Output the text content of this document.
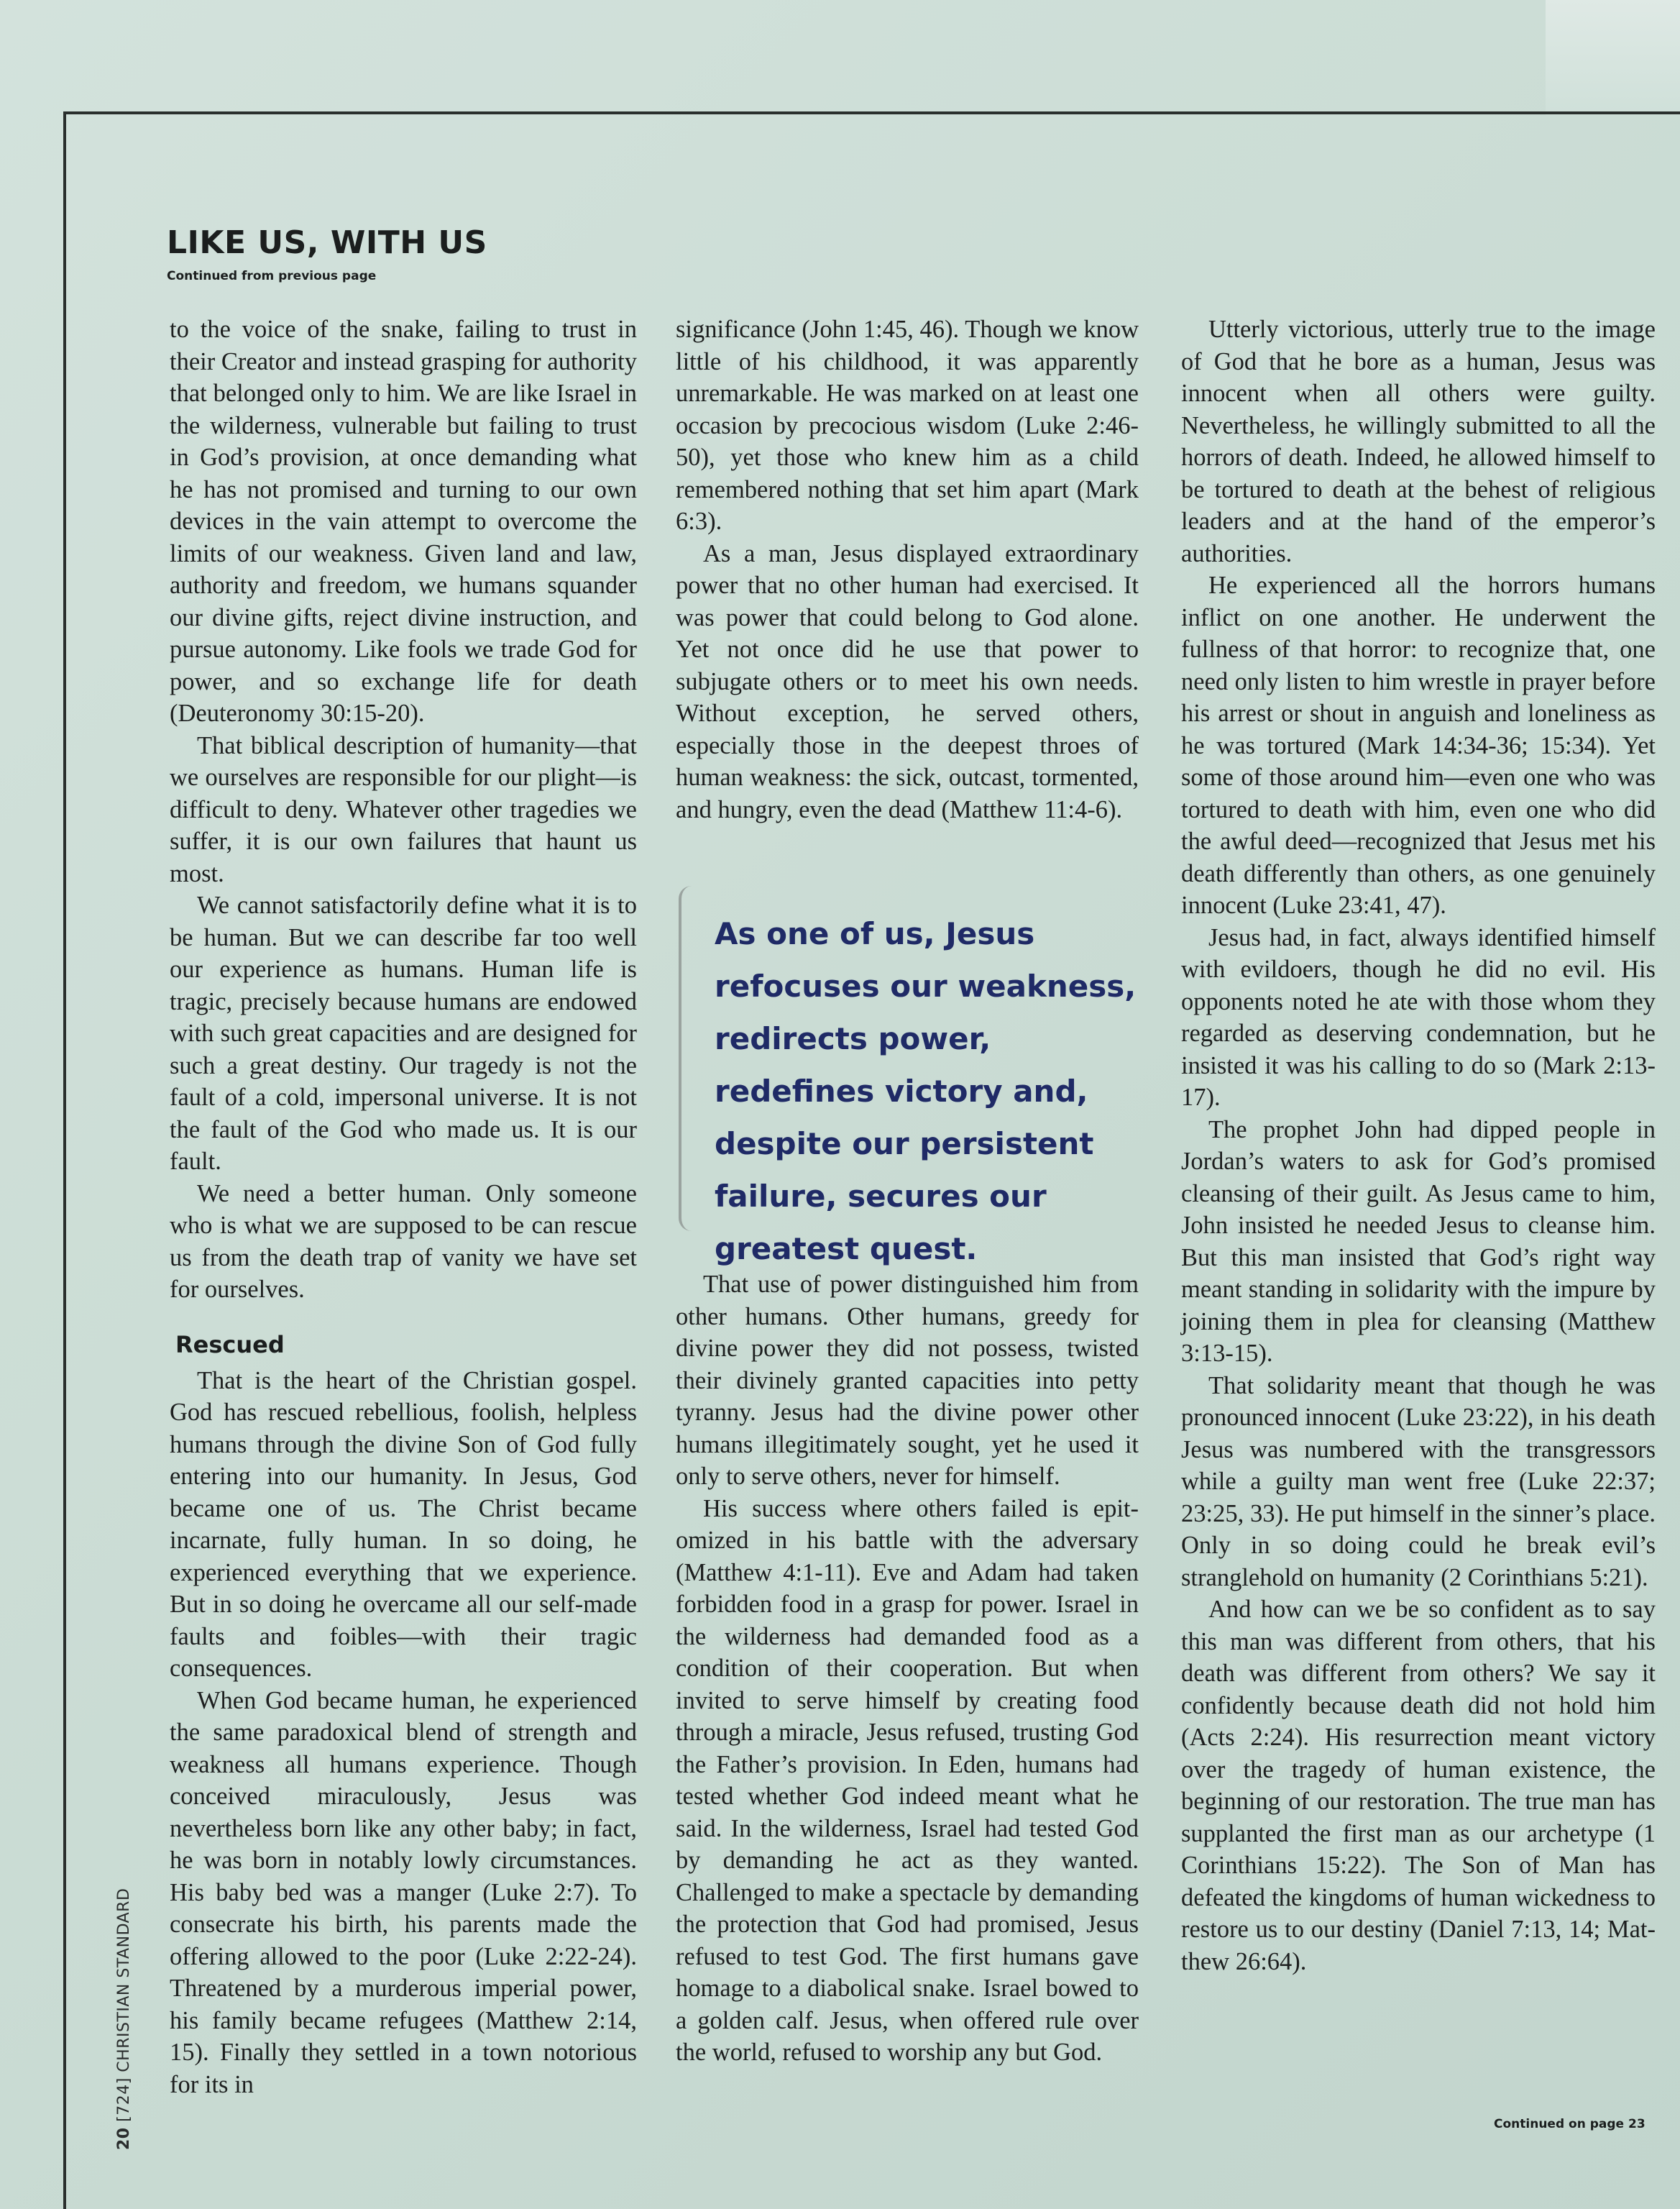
LIKE US, WITH US
Continued from previous page

to the voice of the snake, failing to trust in their Creator and instead grasping for authority that belonged only to him. We are like Israel in the wilderness, vulnerable but failing to trust in God’s provision, at once demanding what he has not promised and turning to our own devices in the vain attempt to overcome the limits of our weakness. Given land and law, authority and freedom, we humans squander our divine gifts, reject divine instruction, and pursue autonomy. Like fools we trade God for power, and so exchange life for death (Deuteronomy 30:15-20).

That biblical description of humanity—that we ourselves are responsible for our plight—is difficult to deny. Whatever other tragedies we suffer, it is our own failures that haunt us most.

We cannot satisfactorily define what it is to be human. But we can describe far too well our experience as humans. Human life is tragic, precisely because humans are endowed with such great capacities and are designed for such a great destiny. Our tragedy is not the fault of a cold, impersonal universe. It is not the fault of the God who made us. It is our fault.

We need a better human. Only someone who is what we are supposed to be can rescue us from the death trap of vanity we have set for ourselves.

Rescued

That is the heart of the Christian gospel. God has rescued rebellious, foolish, helpless humans through the divine Son of God fully entering into our humanity. In Jesus, God became one of us. The Christ became incarnate, fully human. In so doing, he experienced everything that we experience. But in so doing he overcame all our self-made faults and foibles—with their tragic consequences.

When God became human, he experienced the same paradoxical blend of strength and weakness all humans experience. Though conceived miraculously, Jesus was nevertheless born like any other baby; in fact, he was born in notably lowly circumstances. His baby bed was a manger (Luke 2:7). To consecrate his birth, his parents made the offering allowed to the poor (Luke 2:22-24). Threatened by a murderous imperial power, his family became refugees (Matthew 2:14, 15). Finally they settled in a town notorious for its in

significance (John 1:45, 46). Though we know little of his childhood, it was apparently unremarkable. He was marked on at least one occasion by precocious wisdom (Luke 2:46-50), yet those who knew him as a child remembered nothing that set him apart (Mark 6:3).

As a man, Jesus displayed extraordinary power that no other human had exercised. It was power that could belong to God alone. Yet not once did he use that power to subjugate others or to meet his own needs. Without exception, he served others, especially those in the deepest throes of human weakness: the sick, outcast, tormented, and hungry, even the dead (Matthew 11:4-6).

As one of us, Jesus refocuses our weakness, redirects power, redefines victory and, despite our persistent failure, secures our greatest quest.

That use of power distinguished him from other humans. Other humans, greedy for divine power they did not possess, twisted their divinely granted capacities into petty tyranny. Jesus had the divine power other humans illegitimately sought, yet he used it only to serve others, never for himself.

His success where others failed is epitomized in his battle with the adversary (Matthew 4:1-11). Eve and Adam had taken forbidden food in a grasp for power. Israel in the wilderness had demanded food as a condition of their cooperation. But when invited to serve himself by creating food through a miracle, Jesus refused, trusting God the Father’s provision. In Eden, humans had tested whether God indeed meant what he said. In the wilderness, Israel had tested God by demanding he act as they wanted. Challenged to make a spectacle by demanding the protection that God had promised, Jesus refused to test God. The first humans gave homage to a diabolical snake. Israel bowed to a golden calf. Jesus, when offered rule over the world, refused to worship any but God.

Utterly victorious, utterly true to the image of God that he bore as a human, Jesus was innocent when all others were guilty. Nevertheless, he willingly submitted to all the horrors of death. Indeed, he allowed himself to be tortured to death at the behest of religious leaders and at the hand of the emperor’s authorities.

He experienced all the horrors humans inflict on one another. He underwent the fullness of that horror: to recognize that, one need only listen to him wrestle in prayer before his arrest or shout in anguish and loneliness as he was tortured (Mark 14:34-36; 15:34). Yet some of those around him—even one who was tortured to death with him, even one who did the awful deed—recognized that Jesus met his death differently than others, as one genuinely innocent (Luke 23:41, 47).

Jesus had, in fact, always identified himself with evildoers, though he did no evil. His opponents noted he ate with those whom they regarded as deserving condemnation, but he insisted it was his calling to do so (Mark 2:13-17).

The prophet John had dipped people in Jordan’s waters to ask for God’s promised cleansing of their guilt. As Jesus came to him, John insisted he needed Jesus to cleanse him. But this man insisted that God’s right way meant standing in solidarity with the impure by joining them in plea for cleansing (Matthew 3:13-15).

That solidarity meant that though he was pronounced innocent (Luke 23:22), in his death Jesus was numbered with the transgressors while a guilty man went free (Luke 22:37; 23:25, 33). He put himself in the sinner’s place. Only in so doing could he break evil’s stranglehold on humanity (2 Corinthians 5:21).

And how can we be so confident as to say this man was different from others, that his death was different from others? We say it confidently because death did not hold him (Acts 2:24). His resurrection meant victory over the tragedy of human existence, the beginning of our restoration. The true man has supplanted the first man as our archetype (1 Corinthians 15:22). The Son of Man has defeated the kingdoms of human wickedness to restore us to our destiny (Daniel 7:13, 14; Matthew 26:64).

Continued on page 23
20 [724] CHRISTIAN STANDARD
